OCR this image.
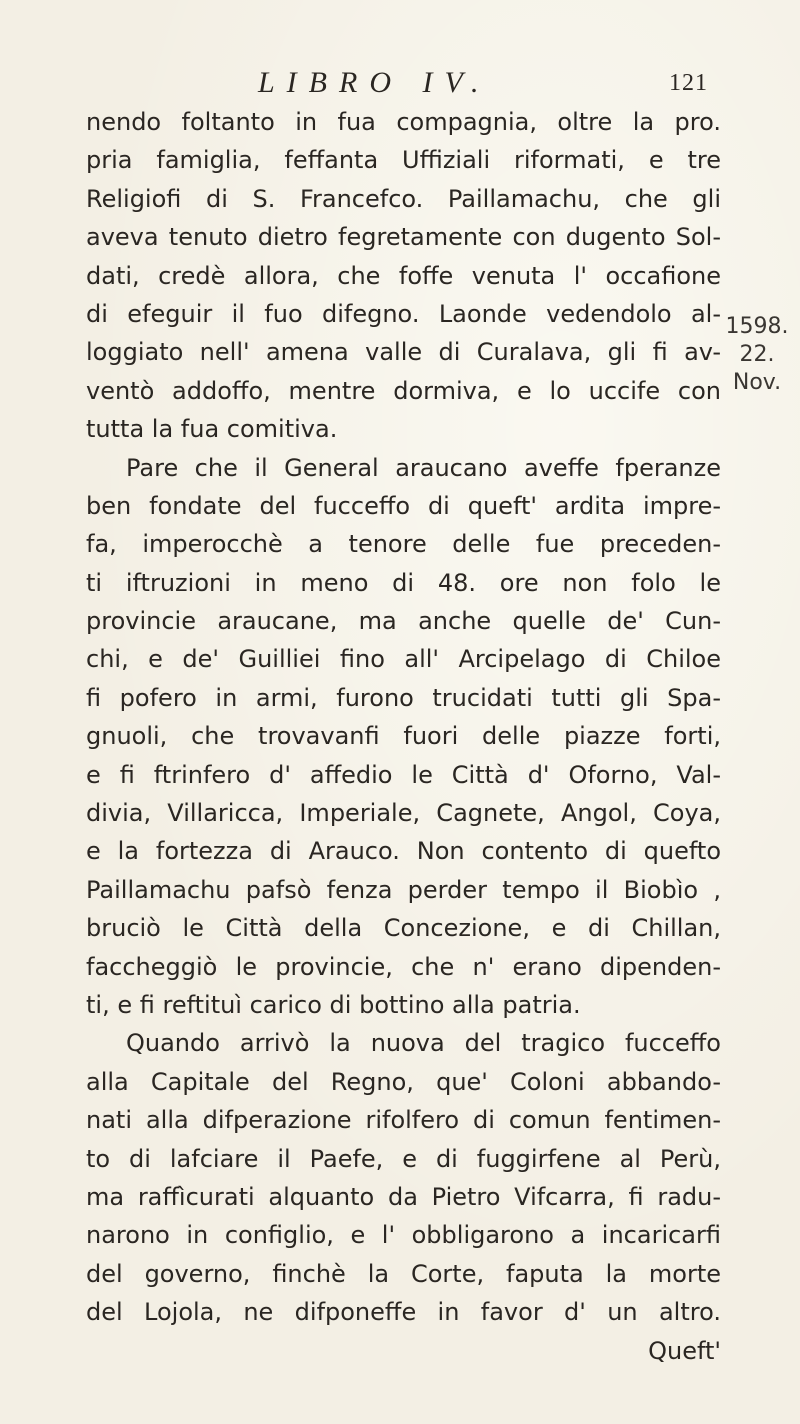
LIBRO IV.	121
1598.
22.
Nov.
nendo foltanto in fua compagnia, oltre la pro.
pria famiglia, feffanta Uffiziali riformati, e tre
Religiofi di S. Francefco. Paillamachu, che gli
aveva tenuto dietro fegretamente con dugento Sol-
dati, credè allora, che foffe venuta l' occafione
di efeguir il fuo difegno. Laonde vedendolo al-
loggiato nell' amena valle di Curalava, gli fi av-
ventò addoffo, mentre dormiva, e lo uccife con
tutta la fua comitiva.
Pare che il General araucano aveffe fperanze
ben fondate del fucceffo di queft' ardita impre-
fa, imperocchè a tenore delle fue preceden-
ti iftruzioni in meno di 48. ore non folo le
provincie araucane, ma anche quelle de' Cun-
chi, e de' Guilliei fino all' Arcipelago di Chiloe
fi pofero in armi, furono trucidati tutti gli Spa-
gnuoli, che trovavanfi fuori delle piazze forti,
e fi ftrinfero d' affedio le Città d' Oforno, Val-
divia, Villaricca, Imperiale, Cagnete, Angol, Coya,
e la fortezza di Arauco. Non contento di quefto
Paillamachu pafsò fenza perder tempo il Biobìo ,
bruciò le Città della Concezione, e di Chillan,
faccheggiò le provincie, che n' erano dipenden-
ti, e fi reftituì carico di bottino alla patria.
Quando arrivò la nuova del tragico fucceffo
alla Capitale del Regno, que' Coloni abbando-
nati alla difperazione rifolfero di comun fentimen-
to di lafciare il Paefe, e di fuggirfene al Perù,
ma raffìcurati alquanto da Pietro Vifcarra, fi radu-
narono in configlio, e l' obbligarono a incaricarfi
del governo, finchè la Corte, faputa la morte
del Lojola, ne difponeffe in favor d' un altro.
Queft'
